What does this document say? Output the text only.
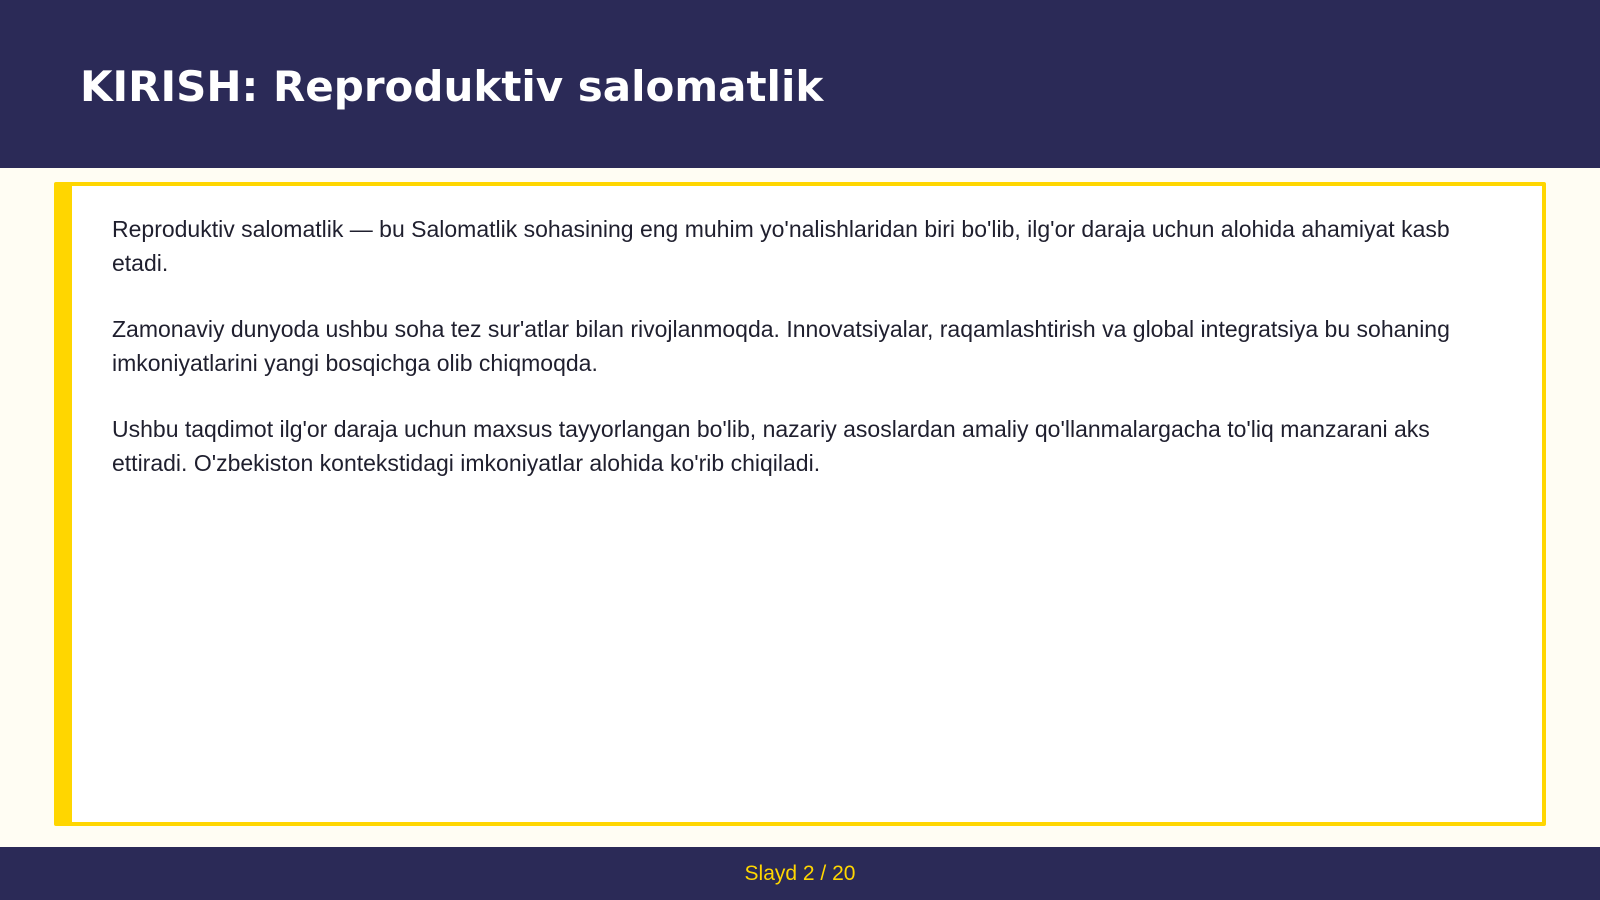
KIRISH: Reproduktiv salomatlik

Reproduktiv salomatlik — bu Salomatlik sohasining eng muhim yo'nalishlaridan biri bo'lib, ilg'or daraja uchun alohida ahamiyat kasb etadi.

Zamonaviy dunyoda ushbu soha tez sur'atlar bilan rivojlanmoqda. Innovatsiyalar, raqamlashtirish va global integratsiya bu sohaning imkoniyatlarini yangi bosqichga olib chiqmoqda.

Ushbu taqdimot ilg'or daraja uchun maxsus tayyorlangan bo'lib, nazariy asoslardan amaliy qo'llanmalargacha to'liq manzarani aks ettiradi. O'zbekiston kontekstidagi imkoniyatlar alohida ko'rib chiqiladi.

Slayd 2 / 20
